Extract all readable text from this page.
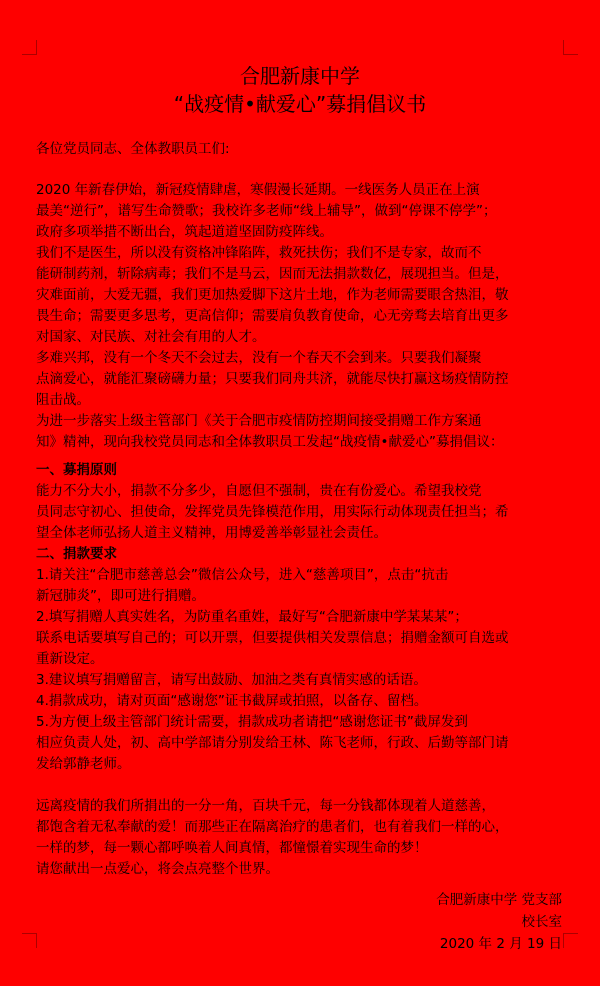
合肥新康中学
“战疫情•献爱心”募捐倡议书
各位党员同志、全体教职员工们:
2020 年新春伊始，新冠疫情肆虐，寒假漫长延期。一线医务人员正在上演
最美“逆行”，谱写生命赞歌；我校许多老师“线上辅导”，做到“停课不停学”；
政府多项举措不断出台，筑起道道坚固防疫阵线。
我们不是医生，所以没有资格冲锋陷阵，救死扶伤；我们不是专家，故而不
能研制药剂，斩除病毒；我们不是马云，因而无法捐款数亿，展现担当。但是，
灾难面前，大爱无疆，我们更加热爱脚下这片土地，作为老师需要眼含热泪，敬
畏生命；需要更多思考，更高信仰；需要肩负教育使命，心无旁骛去培育出更多
对国家、对民族、对社会有用的人才。
多难兴邦，没有一个冬天不会过去，没有一个春天不会到来。只要我们凝聚
点滴爱心，就能汇聚磅礴力量；只要我们同舟共济，就能尽快打赢这场疫情防控
阻击战。
为进一步落实上级主管部门《关于合肥市疫情防控期间接受捐赠工作方案通
知》精神，现向我校党员同志和全体教职员工发起“战疫情•献爱心”募捐倡议：
一、募捐原则
能力不分大小，捐款不分多少，自愿但不强制，贵在有份爱心。希望我校党
员同志守初心、担使命，发挥党员先锋模范作用，用实际行动体现责任担当；希
望全体老师弘扬人道主义精神，用博爱善举彰显社会责任。
二、捐款要求
1.请关注“合肥市慈善总会”微信公众号，进入“慈善项目”，点击“抗击
新冠肺炎”，即可进行捐赠。
2.填写捐赠人真实姓名，为防重名重姓，最好写“合肥新康中学某某某”；
联系电话要填写自己的；可以开票，但要提供相关发票信息；捐赠金额可自选或
重新设定。
3.建议填写捐赠留言，请写出鼓励、加油之类有真情实感的话语。
4.捐款成功，请对页面“感谢您”证书截屏或拍照，以备存、留档。
5.为方便上级主管部门统计需要，捐款成功者请把“感谢您证书”截屏发到
相应负责人处，初、高中学部请分别发给王林、陈飞老师，行政、后勤等部门请
发给郭静老师。
远离疫情的我们所捐出的一分一角，百块千元，每一分钱都体现着人道慈善，
都饱含着无私奉献的爱！而那些正在隔离治疗的患者们，也有着我们一样的心，
一样的梦，每一颗心都呼唤着人间真情，都憧憬着实现生命的梦！
请您献出一点爱心，将会点亮整个世界。
合肥新康中学 党支部
校长室
2020 年 2 月 19 日
